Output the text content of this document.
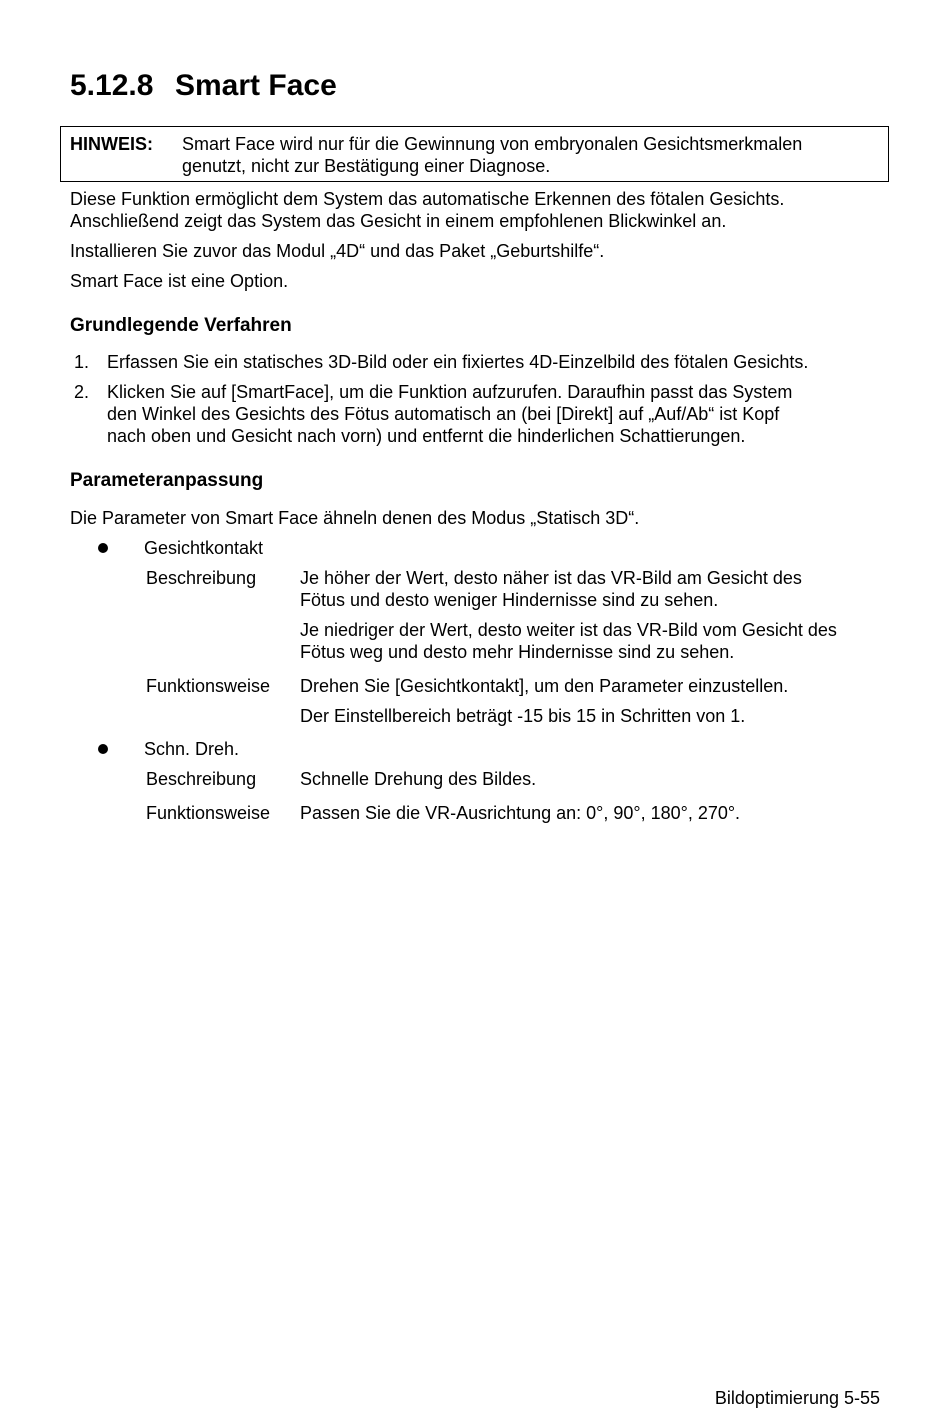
5.12.8 Smart Face
HINWEIS: Smart Face wird nur für die Gewinnung von embryonalen Gesichtsmerkmalen
genutzt, nicht zur Bestätigung einer Diagnose.
Diese Funktion ermöglicht dem System das automatische Erkennen des fötalen Gesichts.
Anschließend zeigt das System das Gesicht in einem empfohlenen Blickwinkel an.
Installieren Sie zuvor das Modul „4D“ und das Paket „Geburtshilfe“.
Smart Face ist eine Option.
Grundlegende Verfahren
1. Erfassen Sie ein statisches 3D-Bild oder ein fixiertes 4D-Einzelbild des fötalen Gesichts.
2. Klicken Sie auf [SmartFace], um die Funktion aufzurufen. Daraufhin passt das System
den Winkel des Gesichts des Fötus automatisch an (bei [Direkt] auf „Auf/Ab“ ist Kopf
nach oben und Gesicht nach vorn) und entfernt die hinderlichen Schattierungen.
Parameteranpassung
Die Parameter von Smart Face ähneln denen des Modus „Statisch 3D“.
Gesichtkontakt
Beschreibung Je höher der Wert, desto näher ist das VR-Bild am Gesicht des
Fötus und desto weniger Hindernisse sind zu sehen.
Je niedriger der Wert, desto weiter ist das VR-Bild vom Gesicht des
Fötus weg und desto mehr Hindernisse sind zu sehen.
Funktionsweise Drehen Sie [Gesichtkontakt], um den Parameter einzustellen.
Der Einstellbereich beträgt -15 bis 15 in Schritten von 1.
Schn. Dreh.
Beschreibung Schnelle Drehung des Bildes.
Funktionsweise Passen Sie die VR-Ausrichtung an: 0°, 90°, 180°, 270°.
Bildoptimierung 5-55
